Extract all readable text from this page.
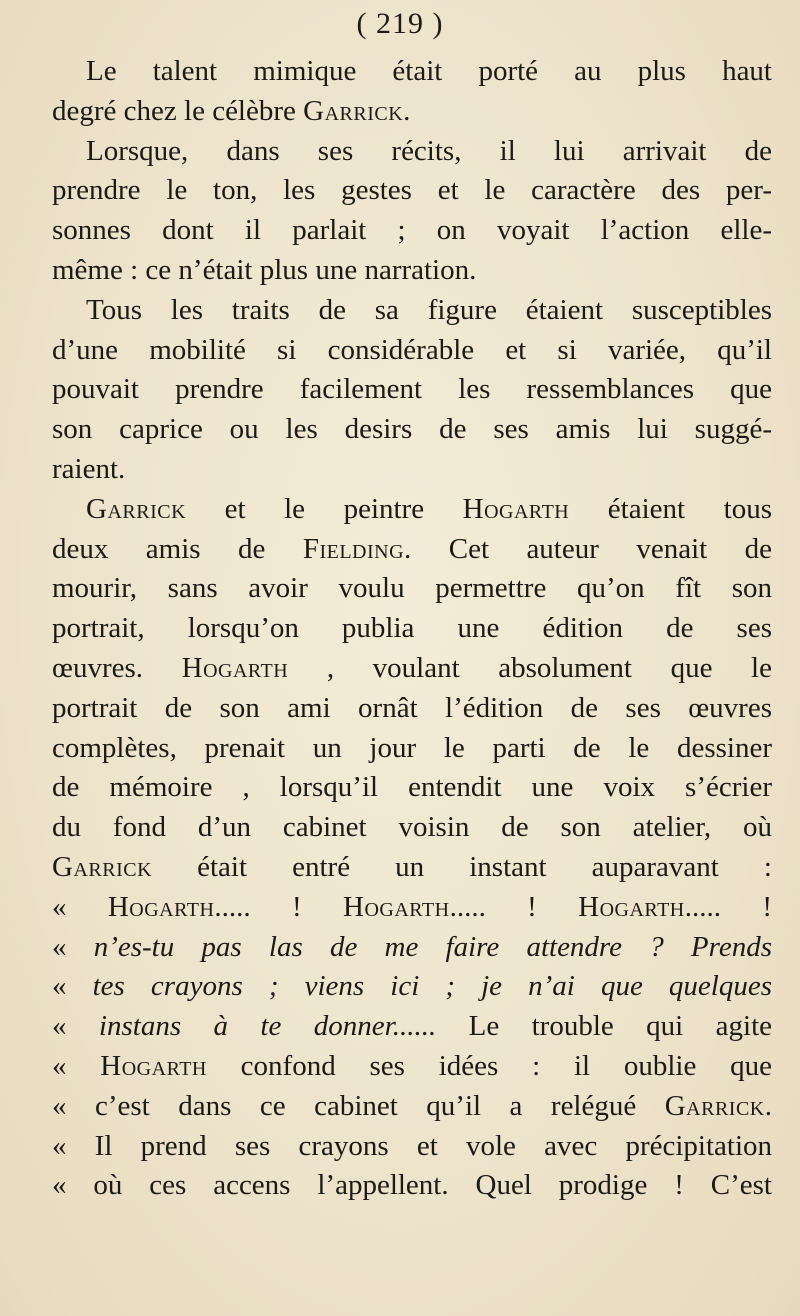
( 219 )
Le talent mimique était porté au plus haut
degré chez le célèbre Garrick.
Lorsque, dans ses récits, il lui arrivait de
prendre le ton, les gestes et le caractère des per-
sonnes dont il parlait ; on voyait l’action elle-
même : ce n’était plus une narration.
Tous les traits de sa figure étaient susceptibles
d’une mobilité si considérable et si variée, qu’il
pouvait prendre facilement les ressemblances que
son caprice ou les desirs de ses amis lui suggé-
raient.
Garrick et le peintre Hogarth étaient tous
deux amis de Fielding. Cet auteur venait de
mourir, sans avoir voulu permettre qu’on fît son
portrait, lorsqu’on publia une édition de ses
œuvres. Hogarth , voulant absolument que le
portrait de son ami ornât l’édition de ses œuvres
complètes, prenait un jour le parti de le dessiner
de mémoire , lorsqu’il entendit une voix s’écrier
du fond d’un cabinet voisin de son atelier, où
Garrick était entré un instant auparavant :
« Hogarth..... ! Hogarth..... ! Hogarth..... !
« n’es-tu pas las de me faire attendre ? Prends
« tes crayons ; viens ici ; je n’ai que quelques
« instans à te donner...... Le trouble qui agite
« Hogarth confond ses idées : il oublie que
« c’est dans ce cabinet qu’il a relégué Garrick.
« Il prend ses crayons et vole avec précipitation
« où ces accens l’appellent. Quel prodige ! C’est
